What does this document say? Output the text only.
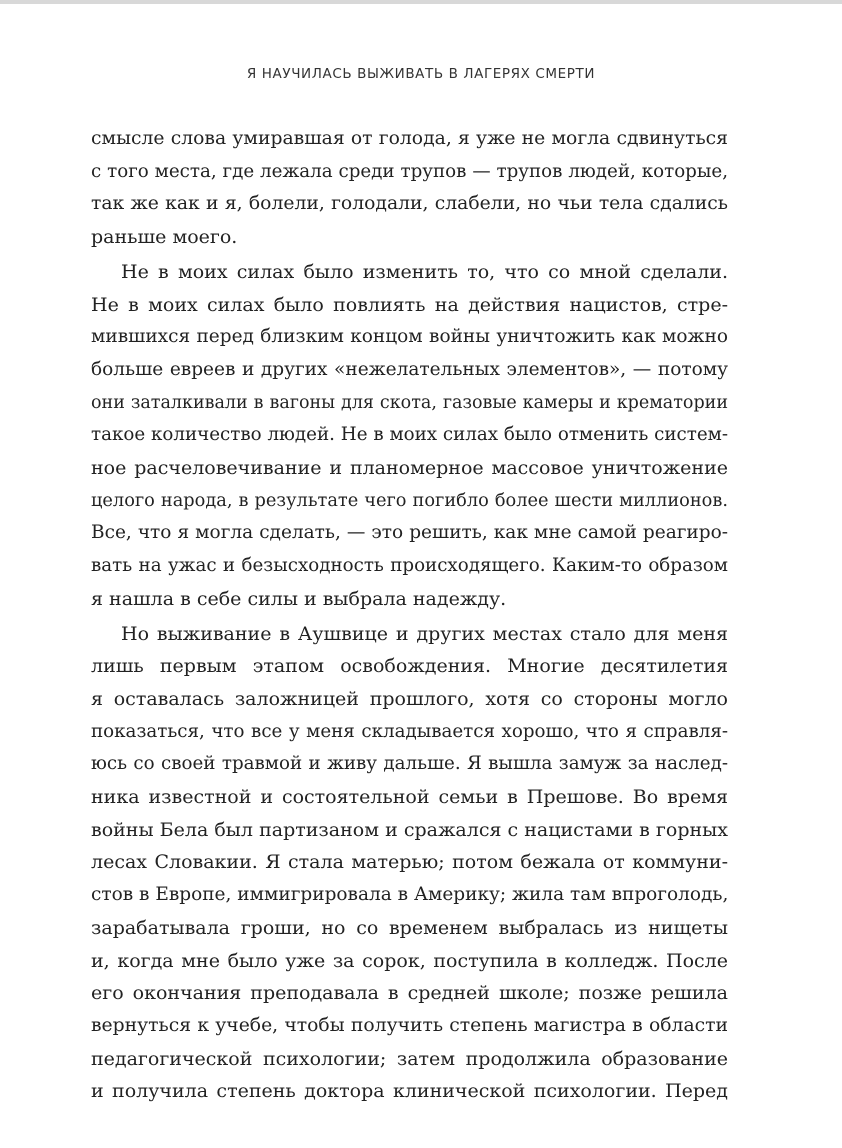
Я НАУЧИЛАСЬ ВЫЖИВАТЬ В ЛАГЕРЯХ СМЕРТИ

смысле слова умиравшая от голода, я уже не могла сдвинуться
с того места, где лежала среди трупов — трупов людей, которые,
так же как и я, болели, голодали, слабели, но чьи тела сдались
раньше моего.

Не в моих силах было изменить то, что со мной сделали.
Не в моих силах было повлиять на действия нацистов, стре-
мившихся перед близким концом войны уничтожить как можно
больше евреев и других «нежелательных элементов», — потому
они заталкивали в вагоны для скота, газовые камеры и крематории
такое количество людей. Не в моих силах было отменить систем-
ное расчеловечивание и планомерное массовое уничтожение
целого народа, в результате чего погибло более шести миллионов.
Все, что я могла сделать, — это решить, как мне самой реагиро-
вать на ужас и безысходность происходящего. Каким-то образом
я нашла в себе силы и выбрала надежду.

Но выживание в Аушвице и других местах стало для меня
лишь первым этапом освобождения. Многие десятилетия
я оставалась заложницей прошлого, хотя со стороны могло
показаться, что все у меня складывается хорошо, что я справля-
юсь со своей травмой и живу дальше. Я вышла замуж за наслед-
ника известной и состоятельной семьи в Прешове. Во время
войны Бела был партизаном и сражался с нацистами в горных
лесах Словакии. Я стала матерью; потом бежала от коммуни-
стов в Европе, иммигрировала в Америку; жила там впроголодь,
зарабатывала гроши, но со временем выбралась из нищеты
и, когда мне было уже за сорок, поступила в колледж. После
его окончания преподавала в средней школе; позже решила
вернуться к учебе, чтобы получить степень магистра в области
педагогической психологии; затем продолжила образование
и получила степень доктора клинической психологии. Перед
